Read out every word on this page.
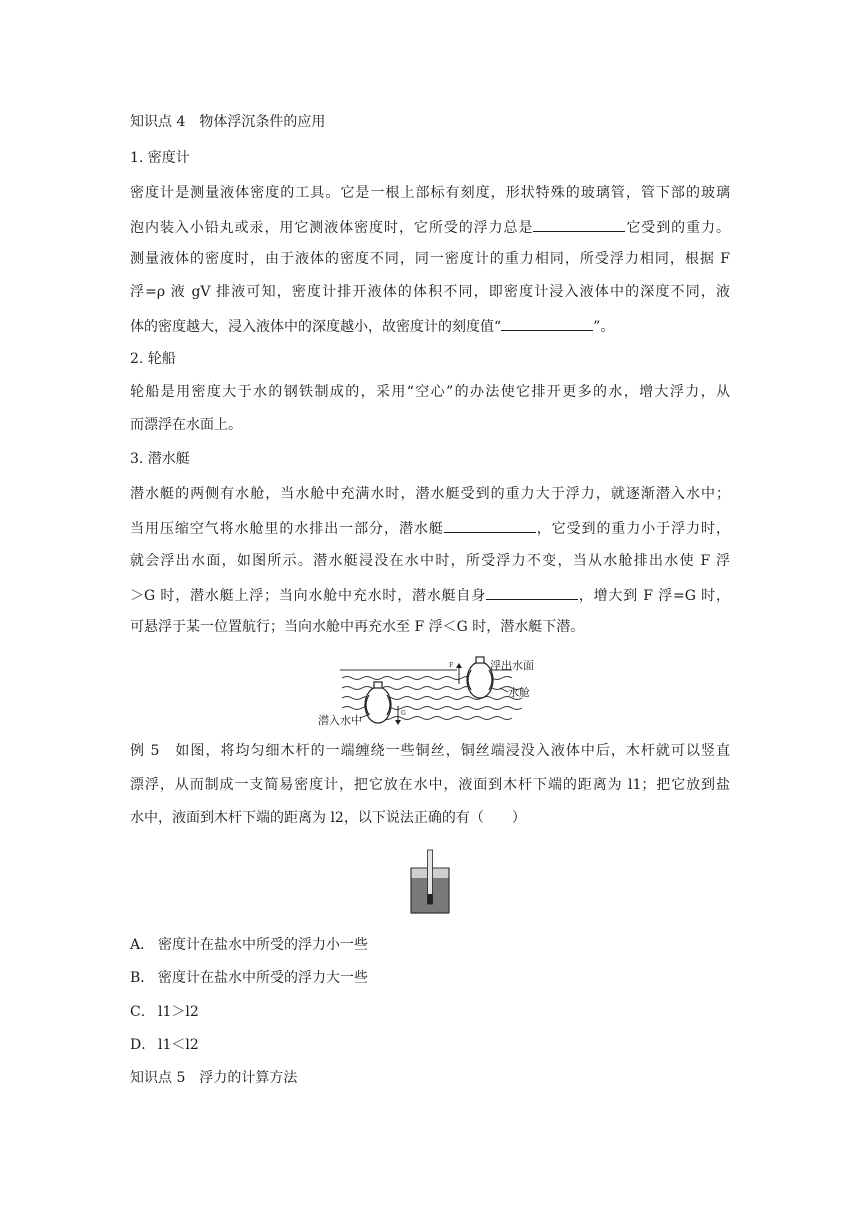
知识点 4　物体浮沉条件的应用
1. 密度计
密度计是测量液体密度的工具。它是一根上部标有刻度，形状特殊的玻璃管，管下部的玻璃
泡内装入小铅丸或汞，用它测液体密度时，它所受的浮力总是	它受到的重力。
测量液体的密度时，由于液体的密度不同，同一密度计的重力相同，所受浮力相同，根据 F
浮=ρ 液 gV 排液可知，密度计排开液体的体积不同，即密度计浸入液体中的深度不同，液
体的密度越大，浸入液体中的深度越小，故密度计的刻度值“	”。
2. 轮船
轮船是用密度大于水的钢铁制成的，采用“空心”的办法使它排开更多的水，增大浮力，从
而漂浮在水面上。
3. 潜水艇
潜水艇的两侧有水舱，当水舱中充满水时，潜水艇受到的重力大于浮力，就逐渐潜入水中；
当用压缩空气将水舱里的水排出一部分，潜水艇	，它受到的重力小于浮力时，
就会浮出水面，如图所示。潜水艇浸没在水中时，所受浮力不变，当从水舱排出水使 F 浮
＞G 时，潜水艇上浮；当向水舱中充水时，潜水艇自身	，增大到 F 浮=G 时，
可悬浮于某一位置航行；当向水舱中再充水至 F 浮＜G 时，潜水艇下潜。
F
G
浮出水面
水舱
潜入水中
例 5　如图，将均匀细木杆的一端缠绕一些铜丝，铜丝端浸没入液体中后，木杆就可以竖直
漂浮，从而制成一支简易密度计，把它放在水中，液面到木杆下端的距离为 l1；把它放到盐
水中，液面到木杆下端的距离为 l2，以下说法正确的有（　　）
A． 密度计在盐水中所受的浮力小一些
B． 密度计在盐水中所受的浮力大一些
C． l1＞l2
D． l1＜l2
知识点 5　浮力的计算方法
